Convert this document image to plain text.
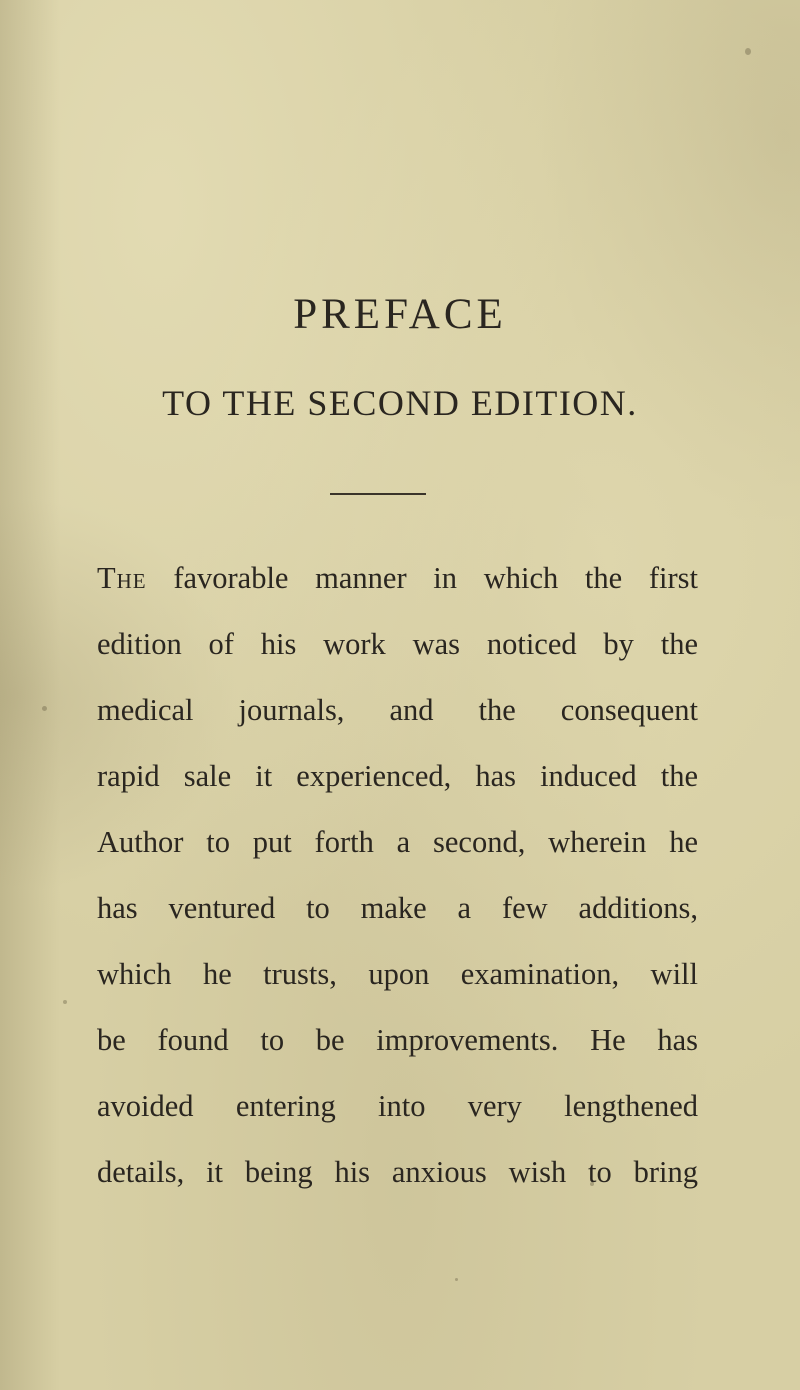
PREFACE
TO THE SECOND EDITION.
The favorable manner in which the first
edition of his work was noticed by the
medical journals, and the consequent
rapid sale it experienced, has induced the
Author to put forth a second, wherein he
has ventured to make a few additions,
which he trusts, upon examination, will
be found to be improvements. He has
avoided entering into very lengthened
details, it being his anxious wish to bring
